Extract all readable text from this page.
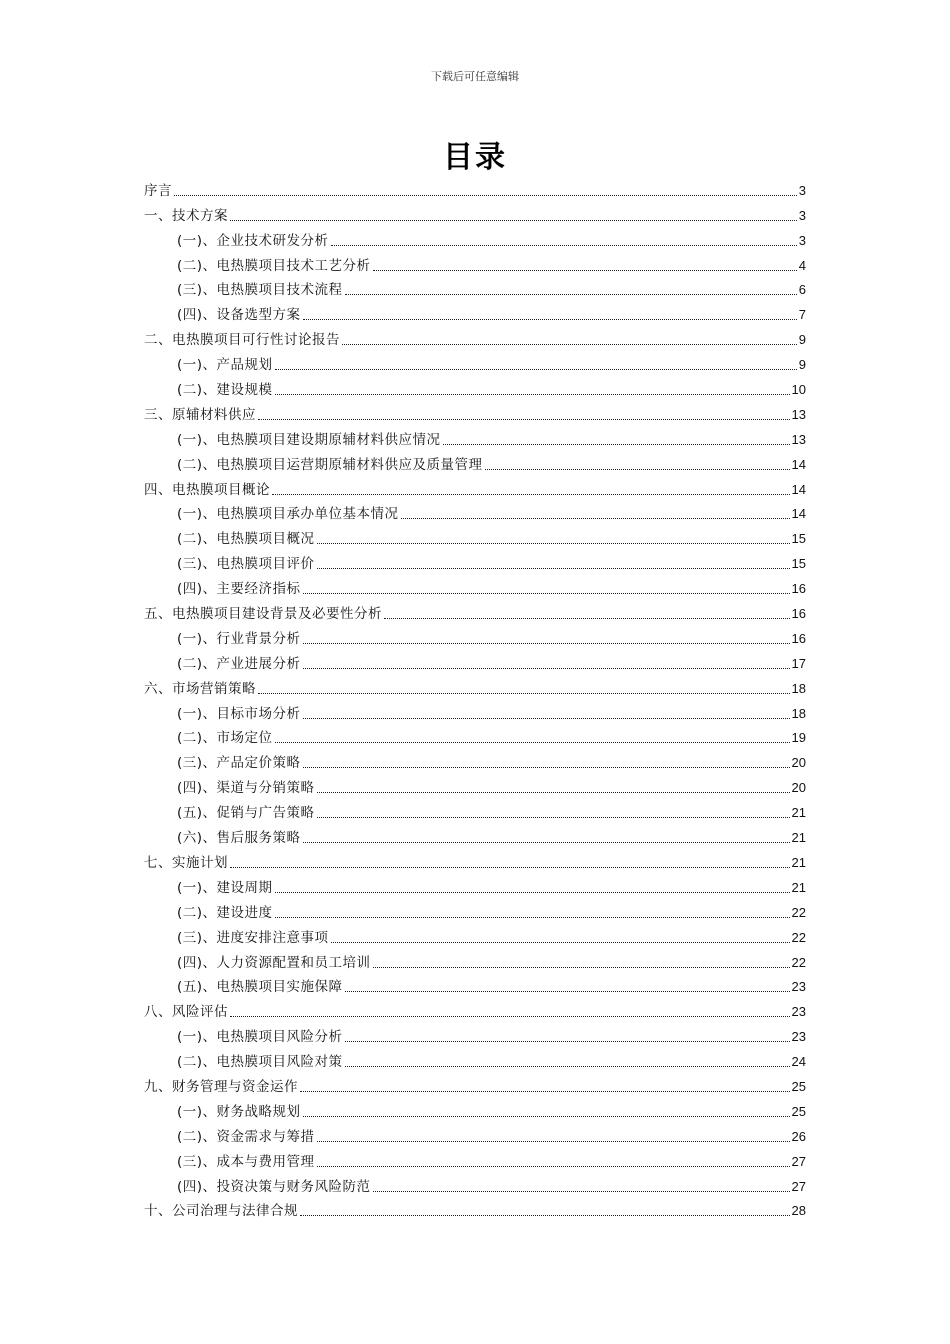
下载后可任意编辑
目录
序言	3
一、技术方案	3
(一)、企业技术研发分析	3
(二)、电热膜项目技术工艺分析	4
(三)、电热膜项目技术流程	6
(四)、设备选型方案	7
二、电热膜项目可行性讨论报告	9
(一)、产品规划	9
(二)、建设规模	10
三、原辅材料供应	13
(一)、电热膜项目建设期原辅材料供应情况	13
(二)、电热膜项目运营期原辅材料供应及质量管理	14
四、电热膜项目概论	14
(一)、电热膜项目承办单位基本情况	14
(二)、电热膜项目概况	15
(三)、电热膜项目评价	15
(四)、主要经济指标	16
五、电热膜项目建设背景及必要性分析	16
(一)、行业背景分析	16
(二)、产业进展分析	17
六、市场营销策略	18
(一)、目标市场分析	18
(二)、市场定位	19
(三)、产品定价策略	20
(四)、渠道与分销策略	20
(五)、促销与广告策略	21
(六)、售后服务策略	21
七、实施计划	21
(一)、建设周期	21
(二)、建设进度	22
(三)、进度安排注意事项	22
(四)、人力资源配置和员工培训	22
(五)、电热膜项目实施保障	23
八、风险评估	23
(一)、电热膜项目风险分析	23
(二)、电热膜项目风险对策	24
九、财务管理与资金运作	25
(一)、财务战略规划	25
(二)、资金需求与筹措	26
(三)、成本与费用管理	27
(四)、投资决策与财务风险防范	27
十、公司治理与法律合规	28
